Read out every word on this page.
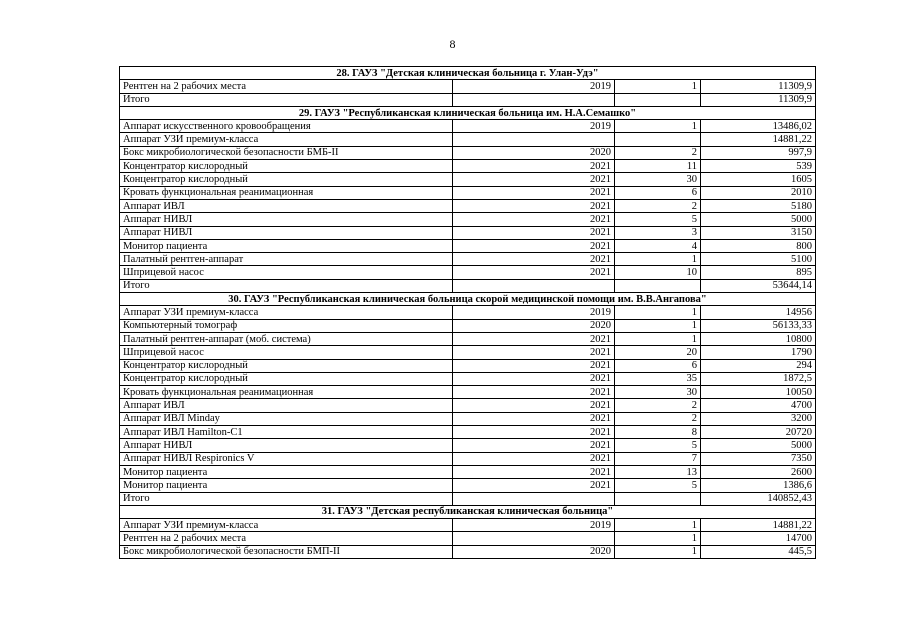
8
28. ГАУЗ "Детская клиническая больница г. Улан-Удэ"			
Рентген на 2 рабочих места	2019	1	11309,9
Итого			11309,9
29. ГАУЗ "Республиканская клиническая больница им. Н.А.Семашко"			
Аппарат искусственного кровообращения	2019	1	13486,02
Аппарат УЗИ премиум-класса			14881,22
Бокс микробиологической безопасности БМБ-II	2020	2	997,9
Концентратор кислородный	2021	11	539
Концентратор кислородный	2021	30	1605
Кровать функциональная реанимационная	2021	6	2010
Аппарат ИВЛ	2021	2	5180
Аппарат НИВЛ	2021	5	5000
Аппарат НИВЛ	2021	3	3150
Монитор пациента	2021	4	800
Палатный рентген-аппарат	2021	1	5100
Шприцевой насос	2021	10	895
Итого			53644,14
30. ГАУЗ "Республиканская клиническая больница скорой медицинской помощи им. В.В.Ангапова"			
Аппарат УЗИ премиум-класса	2019	1	14956
Компьютерный томограф	2020	1	56133,33
Палатный рентген-аппарат (моб. система)	2021	1	10800
Шприцевой насос	2021	20	1790
Концентратор кислородный	2021	6	294
Концентратор кислородный	2021	35	1872,5
Кровать функциональная реанимационная	2021	30	10050
Аппарат ИВЛ	2021	2	4700
Аппарат ИВЛ Minday	2021	2	3200
Аппарат ИВЛ Hamilton-C1	2021	8	20720
Аппарат НИВЛ	2021	5	5000
Аппарат НИВЛ Respironics V	2021	7	7350
Монитор пациента	2021	13	2600
Монитор пациента	2021	5	1386,6
Итого			140852,43
31. ГАУЗ "Детская республиканская клиническая больница"			
Аппарат УЗИ премиум-класса	2019	1	14881,22
Рентген на 2 рабочих места		1	14700
Бокс микробиологической безопасности БМП-II	2020	1	445,5
